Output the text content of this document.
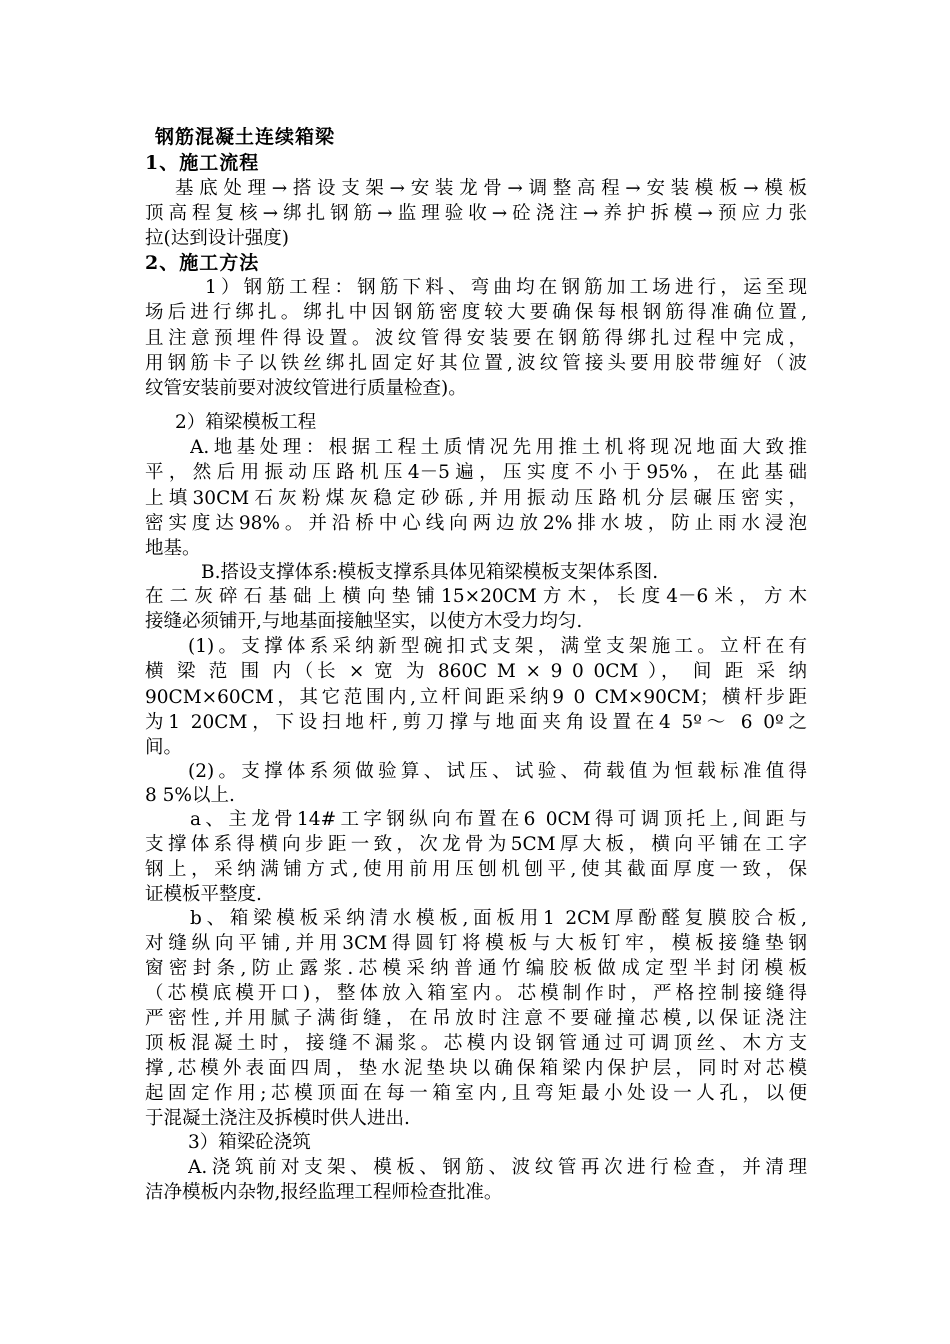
钢筋混凝土连续箱梁
1、施工流程
基底处理→搭设支架→安装龙骨→调整高程→安装模板→模板
顶高程复核→绑扎钢筋→监理验收→砼浇注→养护拆模→预应力张
拉(达到设计强度)
2、施工方法
1）钢筋工程：钢筋下料、弯曲均在钢筋加工场进行，运至现
场后进行绑扎。绑扎中因钢筋密度较大要确保每根钢筋得准确位置,
且注意预埋件得设置。波纹管得安装要在钢筋得绑扎过程中完成，
用钢筋卡子以铁丝绑扎固定好其位置,波纹管接头要用胶带缠好（波
纹管安装前要对波纹管进行质量检查)。
2）箱梁模板工程
A.地基处理：根据工程土质情况先用推土机将现况地面大致推
平，然后用振动压路机压4－5遍，压实度不小于95%，在此基础
上填30CM石灰粉煤灰稳定砂砾,并用振动压路机分层碾压密实，
密实度达98%。并沿桥中心线向两边放2%排水坡，防止雨水浸泡
地基。
B.搭设支撑体系:模板支撑系具体见箱梁模板支架体系图.
在二灰碎石基础上横向垫铺15×20CM方木，长度4－6米，方木
接缝必须铺开,与地基面接触坚实，以使方木受力均匀.
(1)。支撑体系采纳新型碗扣式支架，满堂支架施工。立杆在有
横 梁 范 围 内（长 × 宽 为 860C M × 9 0 0CM ）， 间 距 采 纳
90CM×60CM，其它范围内,立杆间距采纳9 0 CM×90CM；横杆步距
为1 20CM，下设扫地杆,剪刀撑与地面夹角设置在4 5º～ 6 0º之
间。
(2)。支撑体系须做验算、试压、试验、荷载值为恒载标准值得
8 5%以上.
a、主龙骨14#工字钢纵向布置在6 0CM得可调顶托上,间距与
支撑体系得横向步距一致，次龙骨为5CM厚大板，横向平铺在工字
钢上，采纳满铺方式,使用前用压刨机刨平,使其截面厚度一致，保
证模板平整度.
b、箱梁模板采纳清水模板,面板用1 2CM厚酚醛复膜胶合板,
对缝纵向平铺,并用3CM得圆钉将模板与大板钉牢，模板接缝垫钢
窗密封条,防止露浆.芯模采纳普通竹编胶板做成定型半封闭模板
（芯模底模开口)，整体放入箱室内。芯模制作时，严格控制接缝得
严密性,并用腻子满街缝，在吊放时注意不要碰撞芯模,以保证浇注
顶板混凝土时，接缝不漏浆。芯模内设钢管通过可调顶丝、木方支
撑,芯模外表面四周，垫水泥垫块以确保箱梁内保护层，同时对芯模
起固定作用;芯模顶面在每一箱室内,且弯矩最小处设一人孔，以便
于混凝土浇注及拆模时供人进出.
3）箱梁砼浇筑
A.浇筑前对支架、模板、钢筋、波纹管再次进行检查，并清理
洁净模板内杂物,报经监理工程师检查批准。
